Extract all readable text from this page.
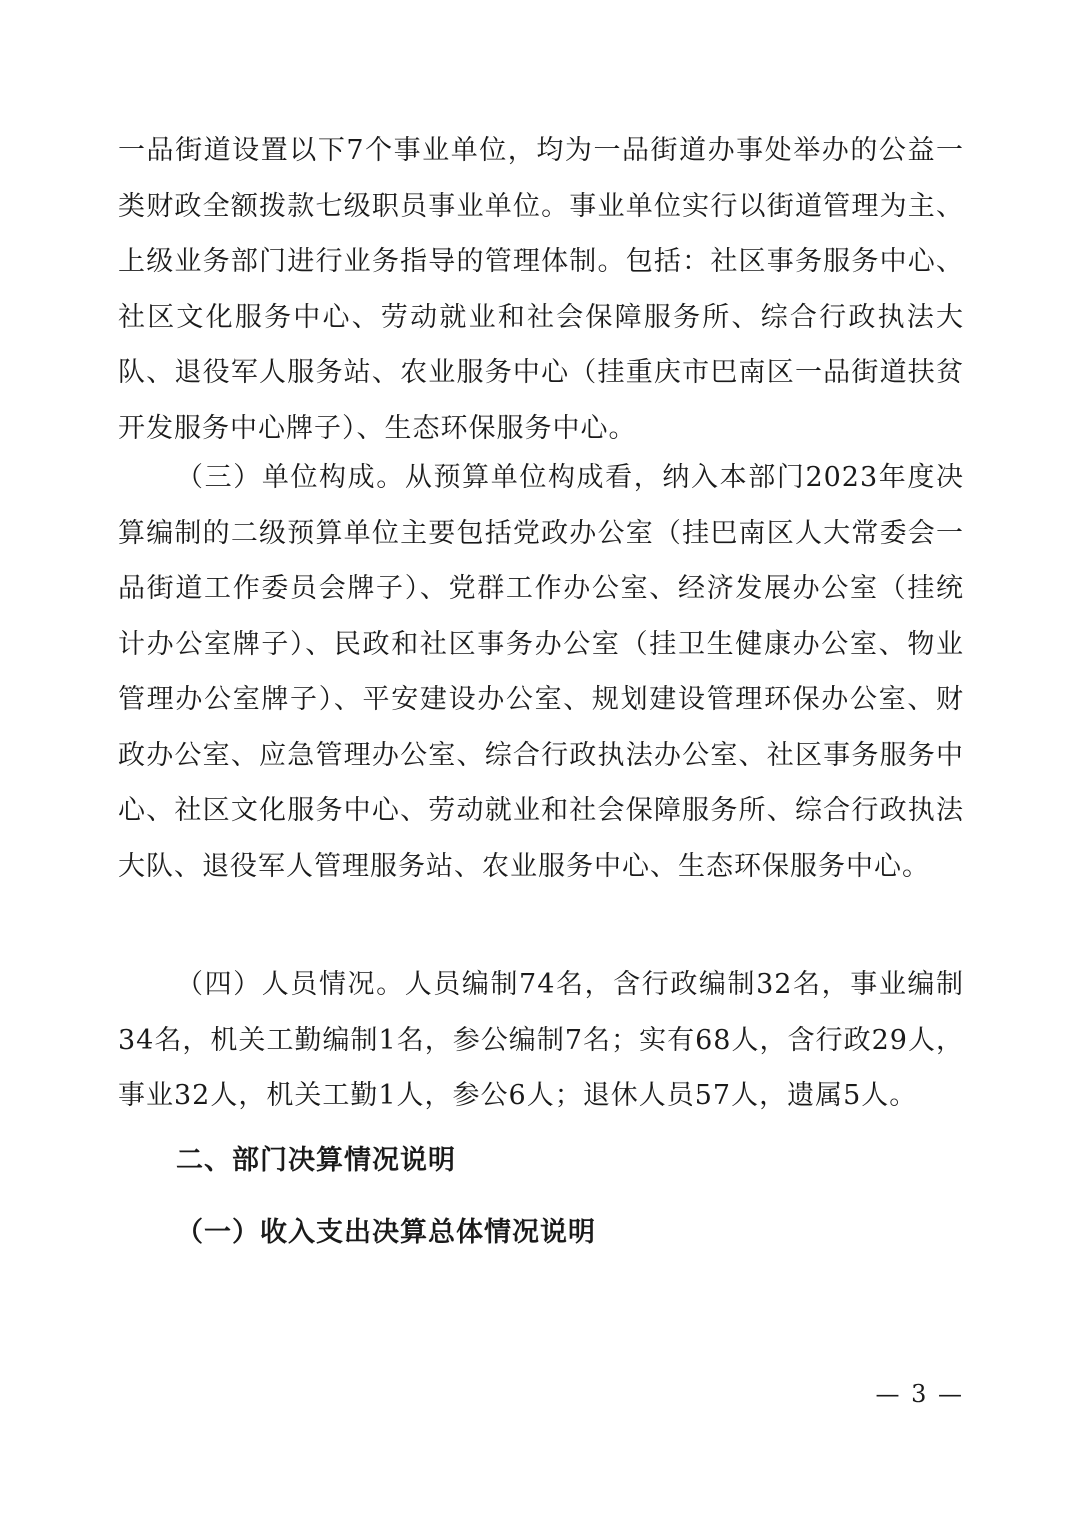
一品街道设置以下7个事业单位，均为一品街道办事处举办的公益一类财政全额拨款七级职员事业单位。事业单位实行以街道管理为主、上级业务部门进行业务指导的管理体制。包括：社区事务服务中心、社区文化服务中心、劳动就业和社会保障服务所、综合行政执法大队、退役军人服务站、农业服务中心（挂重庆市巴南区一品街道扶贫开发服务中心牌子）、生态环保服务中心。

（三）单位构成。从预算单位构成看，纳入本部门2023年度决算编制的二级预算单位主要包括党政办公室（挂巴南区人大常委会一品街道工作委员会牌子）、党群工作办公室、经济发展办公室（挂统计办公室牌子）、民政和社区事务办公室（挂卫生健康办公室、物业管理办公室牌子）、平安建设办公室、规划建设管理环保办公室、财政办公室、应急管理办公室、综合行政执法办公室、社区事务服务中心、社区文化服务中心、劳动就业和社会保障服务所、综合行政执法大队、退役军人管理服务站、农业服务中心、生态环保服务中心。

（四）人员情况。人员编制74名，含行政编制32名，事业编制34名，机关工勤编制1名，参公编制7名；实有68人，含行政29人，事业32人，机关工勤1人，参公6人；退休人员57人，遗属5人。

二、部门决算情况说明
（一）收入支出决算总体情况说明
— 3 —
